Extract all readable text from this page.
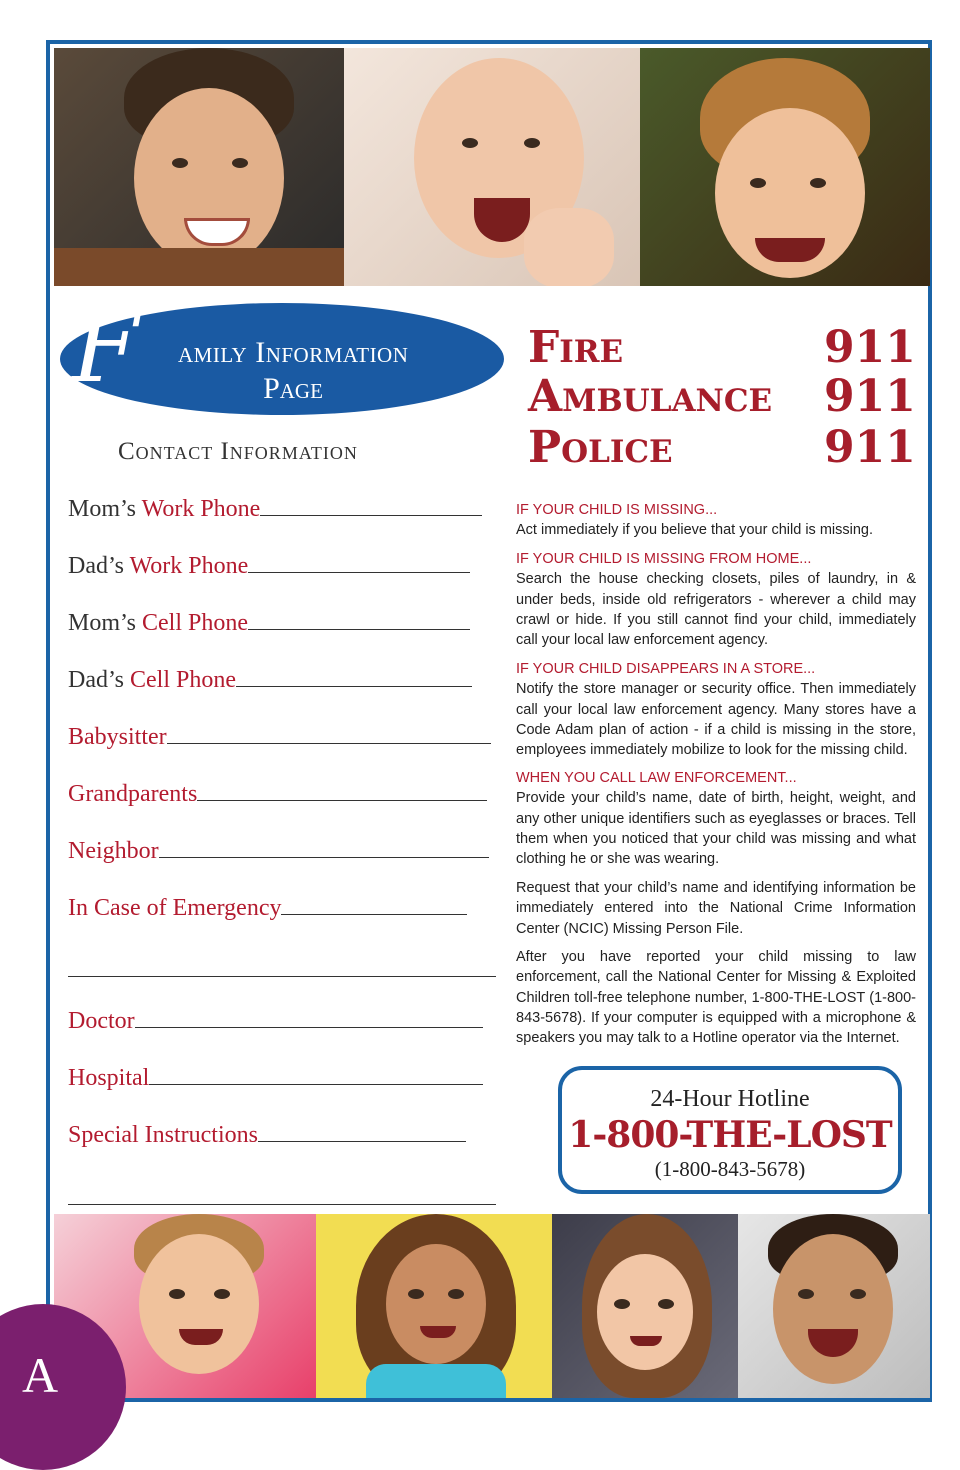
F amily Information
Page
Contact Information
Fire	911
Ambulance 911
Police	911
Mom’s Work Phone
Dad’s Work Phone
Mom’s Cell Phone
Dad’s Cell Phone
Babysitter
Grandparents
Neighbor
In Case of Emergency
Doctor
Hospital
Special Instructions
IF YOUR CHILD IS MISSING...
Act immediately if you believe that your child is missing.
IF YOUR CHILD IS MISSING FROM HOME...
Search the house checking closets, piles of laundry, in & under beds, inside old refrigerators - wherever a child may crawl or hide. If you still cannot find your child, immediately call your local law enforcement agency.
IF YOUR CHILD DISAPPEARS IN A STORE...
Notify the store manager or security office. Then immediately call your local law enforcement agency. Many stores have a Code Adam plan of action - if a child is missing in the store, employees immediately mobilize to look for the missing child.
WHEN YOU CALL LAW ENFORCEMENT...
Provide your child’s name, date of birth, height, weight, and any other unique identifiers such as eyeglasses or braces. Tell them when you noticed that your child was missing and what clothing he or she was wearing.
Request that your child’s name and identifying information be immediately entered into the National Crime Information Center (NCIC) Missing Person File.
After you have reported your child missing to law enforcement, call the National Center for Missing & Exploited Children toll-free telephone number, 1-800-THE-LOST (1-800-843-5678). If your computer is equipped with a microphone & speakers you may talk to a Hotline operator via the Internet.
24-Hour Hotline
1-800-THE-LOST
(1-800-843-5678)
A
